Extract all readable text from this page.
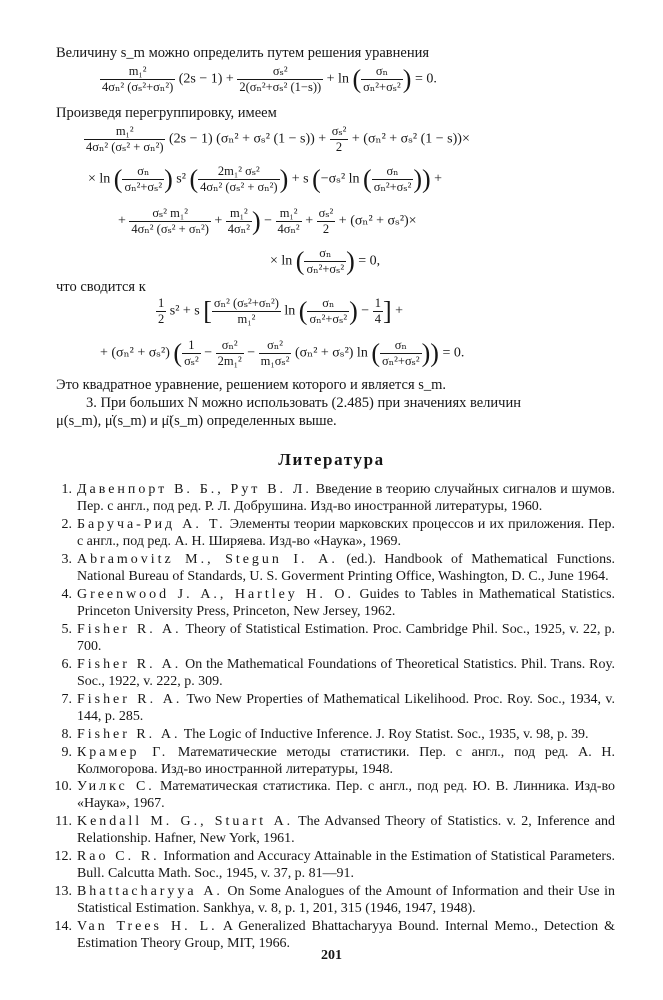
Величину s_m можно определить путем решения уравнения
$\frac{\text{m₁²}}{\text{4σₙ² (σₛ²+σₙ²)}} (2s - 1) + \frac{\text{σₛ²}}{\text{2(σₙ²+σₛ² (1−s))}} + \ln$ ( $\frac{\text{σₙ}}{\text{σₙ²+σₛ²}}$ ) = 0.
Произведя перегруппировку, имеем
$\frac{\text{m₁²}}{\text{4σₙ² (σₛ² + σₙ²)}} (2s - 1) (\sigma_n^2 + \sigma_s^2$ $(1 - s)) + \frac{\text{σₛ²}}{2} + (\sigma_n^2 + \sigma_s^2$ (1 − s))×
× ln ( $\frac{\text{σₙ}}{\text{σₙ²+σₛ²}}$ ) s² ( $\frac{\text{2m₁² σₛ²}}{\text{4σₙ² (σₛ² + σₙ²)}}$ ) + s (−σₛ² ln ( $\frac{\text{σₙ}}{\text{σₙ²+σₛ²}}$ )) +
+ $\frac{\text{σₛ² m₁²}}{\text{4σₙ² (σₛ² + σₙ²)}} + \frac{\text{m₁²}}{\text{4σₙ²}}$ ) − $\frac{\text{m₁²}}{\text{4σₙ²}} + \frac{\text{σₛ²}}{2} + (\sigma_n^2 + \sigma_s^2)\times$
× ln ( $\frac{\text{σₙ}}{\text{σₙ²+σₛ²}}$ ) = 0,
что сводится к
$\frac{1}{2} s^2 + s$ [ $\frac{\text{σₙ² (σₛ²+σₙ²)}}{\text{m₁²}}$ ln ( $\frac{\text{σₙ}}{\text{σₙ²+σₛ²}}$ ) − $\frac{1}{4}$ ] +
+ (σₙ² + σₛ²) ( $\frac{1}{\text{σₛ²}} - \frac{\text{σₙ²}}{\text{2m₁²}} - \frac{\text{σₙ²}}{\text{m₁σₛ²}} (\sigma_n^2 + \sigma_s^2)$ ln ( $\frac{\text{σₙ}}{\text{σₙ²+σₛ²}}$ )) = 0.
Это квадратное уравнение, решением которого и является s_m.
3. При больших N можно использовать (2.485) при значениях величин
μ(s_m), μ̇(s_m) и μ̈(s_m) определенных выше.
Литература
1. Давенпорт В. Б., Рут В. Л. Введение в теорию случайных сигналов и шумов. Пер. с англ., под ред. Р. Л. Добрушина. Изд-во иностранной литературы, 1960.
2. Баруча-Рид А. Т. Элементы теории марковских процессов и их приложения. Пер. с англ., под ред. А. Н. Ширяева. Изд-во «Наука», 1969.
3. Abramovitz M., Stegun I. A. (ed.). Handbook of Mathematical Functions. National Bureau of Standards, U. S. Goverment Printing Office, Washington, D. C., June 1964.
4. Greenwood J. A., Hartley H. O. Guides to Tables in Mathematical Statistics. Princeton University Press, Princeton, New Jersey, 1962.
5. Fisher R. A. Theory of Statistical Estimation. Proc. Cambridge Phil. Soc., 1925, v. 22, p. 700.
6. Fisher R. A. On the Mathematical Foundations of Theoretical Statistics. Phil. Trans. Roy. Soc., 1922, v. 222, p. 309.
7. Fisher R. A. Two New Properties of Mathematical Likelihood. Proc. Roy. Soc., 1934, v. 144, p. 285.
8. Fisher R. A. The Logic of Inductive Inference. J. Roy Statist. Soc., 1935, v. 98, p. 39.
9. Крамер Г. Математические методы статистики. Пер. с англ., под ред. А. Н. Колмогорова. Изд-во иностранной литературы, 1948.
10. Уилкс С. Математическая статистика. Пер. с англ., под ред. Ю. В. Линника. Изд-во «Наука», 1967.
11. Kendall M. G., Stuart A. The Advansed Theory of Statistics. v. 2, Inference and Relationship. Hafner, New York, 1961.
12. Rao C. R. Information and Accuracy Attainable in the Estimation of Statistical Parameters. Bull. Calcutta Math. Soc., 1945, v. 37, p. 81—91.
13. Bhattacharyya A. On Some Analogues of the Amount of Information and their Use in Statistical Estimation. Sankhya, v. 8, p. 1, 201, 315 (1946, 1947, 1948).
14. Van Trees H. L. A Generalized Bhattacharyya Bound. Internal Memo., Detection & Estimation Theory Group, MIT, 1966.
201
